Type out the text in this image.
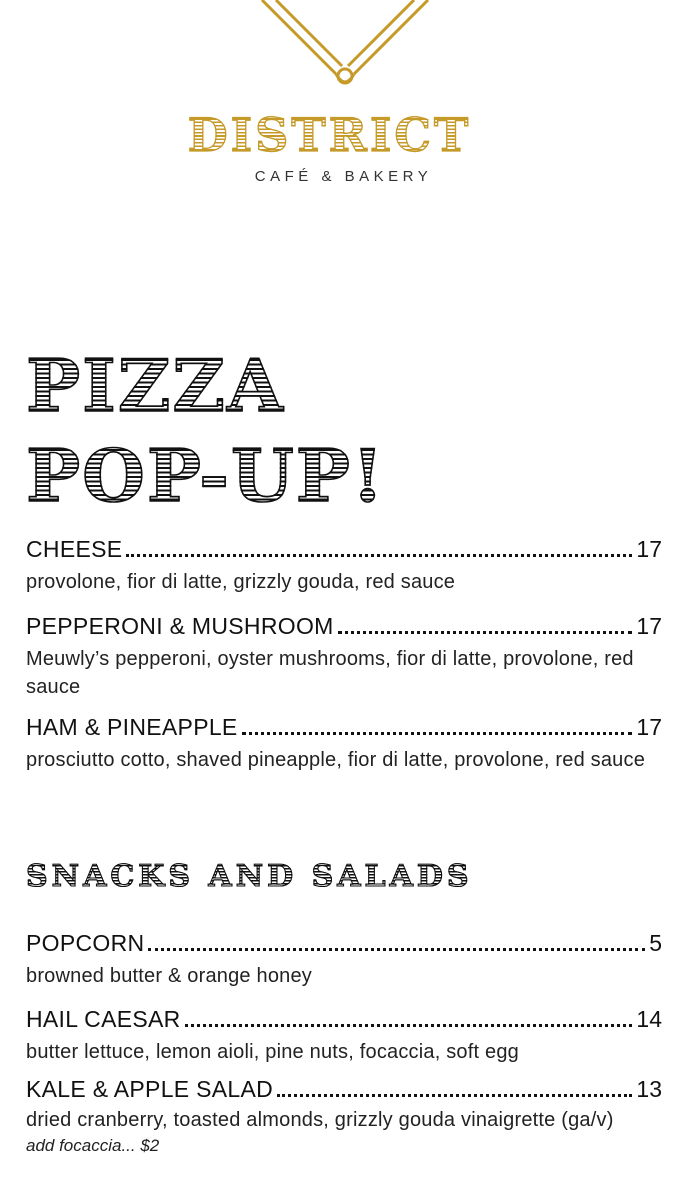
DISTRICT
CAFÉ & BAKERY
PIZZA
POP-UP!
CHEESE	17
provolone, fior di latte, grizzly gouda, red sauce
PEPPERONI & MUSHROOM	17
Meuwly’s pepperoni, oyster mushrooms, fior di latte, provolone, red sauce
HAM & PINEAPPLE	17
prosciutto cotto, shaved pineapple, fior di latte, provolone, red sauce
SNACKS AND SALADS
POPCORN	5
browned butter & orange honey
HAIL CAESAR	14
butter lettuce, lemon aioli, pine nuts, focaccia, soft egg
KALE & APPLE SALAD	13
dried cranberry, toasted almonds, grizzly gouda vinaigrette (ga/v)
add focaccia... $2
